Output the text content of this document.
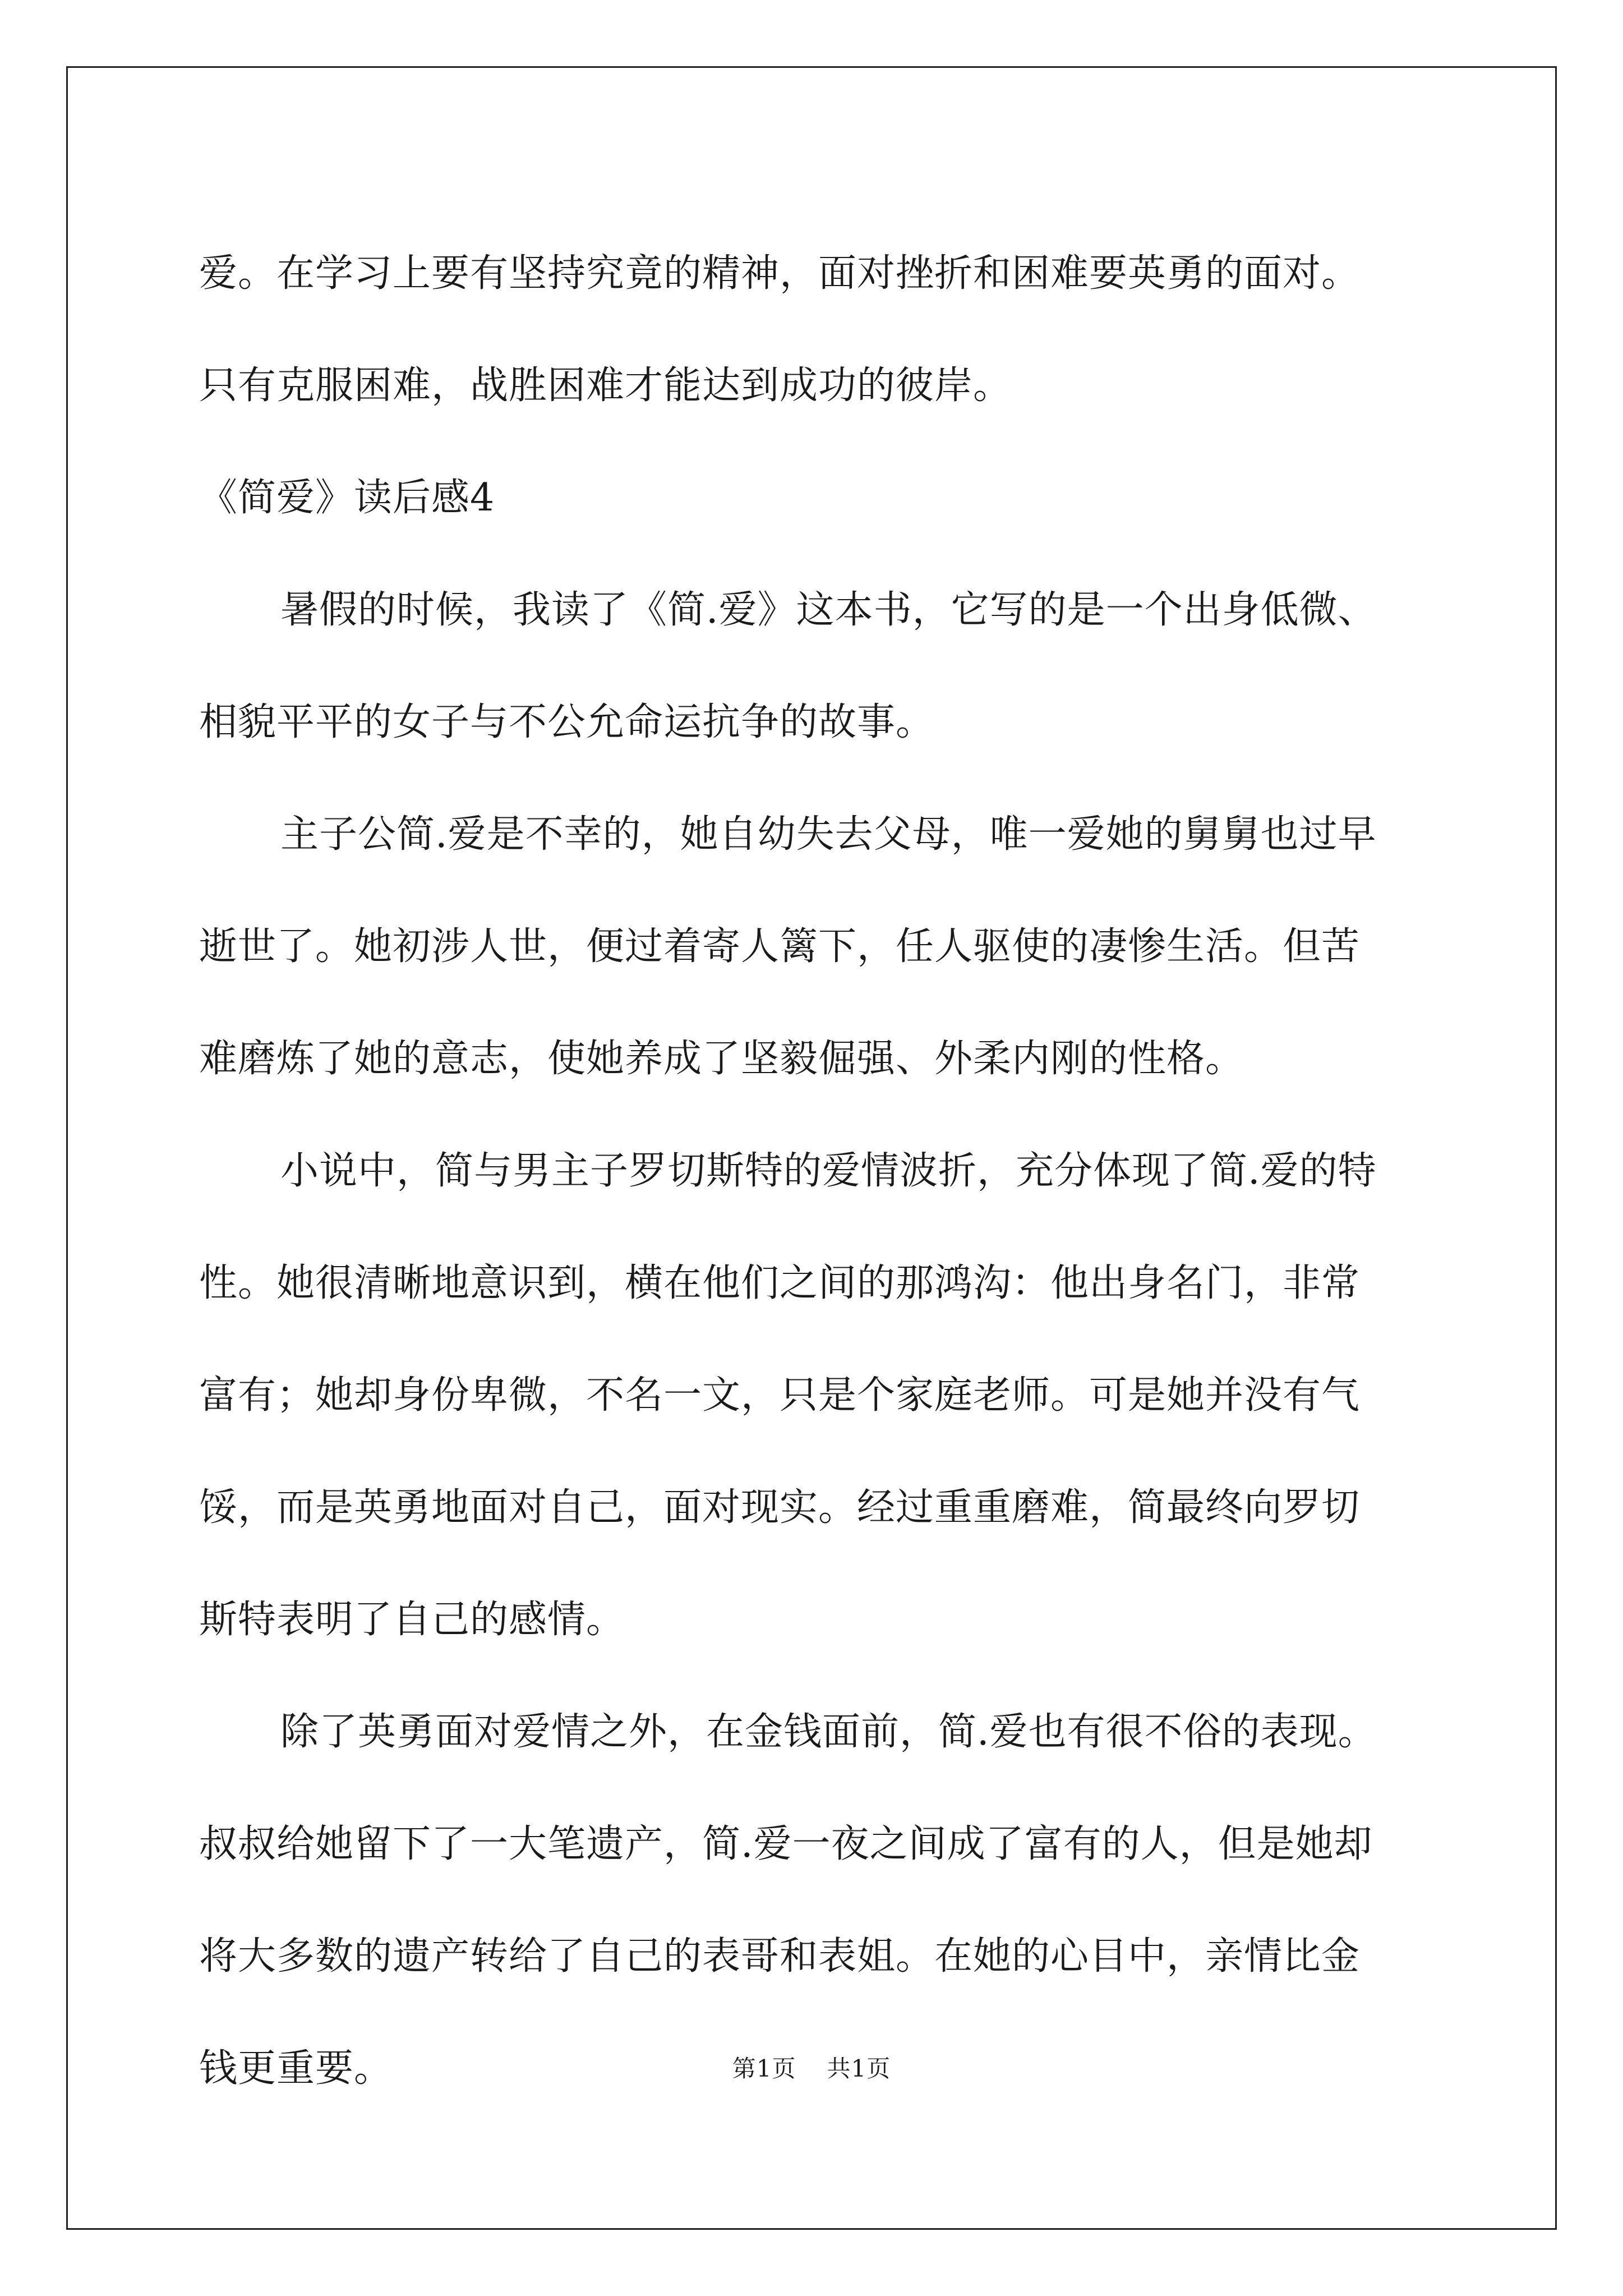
爱。在学习上要有坚持究竟的精神，面对挫折和困难要英勇的面对。
只有克服困难，战胜困难才能达到成功的彼岸。
《简爱》读后感4
暑假的时候，我读了《简.爱》这本书，它写的是一个出身低微、
相貌平平的女子与不公允命运抗争的故事。
主子公简.爱是不幸的，她自幼失去父母，唯一爱她的舅舅也过早
逝世了。她初涉人世，便过着寄人篱下，任人驱使的凄惨生活。但苦
难磨炼了她的意志，使她养成了坚毅倔强、外柔内刚的性格。
小说中，简与男主子罗切斯特的爱情波折，充分体现了简.爱的特
性。她很清晰地意识到，横在他们之间的那鸿沟：他出身名门，非常
富有；她却身份卑微，不名一文，只是个家庭老师。可是她并没有气
馁，而是英勇地面对自己，面对现实。经过重重磨难，简最终向罗切
斯特表明了自己的感情。
除了英勇面对爱情之外，在金钱面前，简.爱也有很不俗的表现。
叔叔给她留下了一大笔遗产，简.爱一夜之间成了富有的人，但是她却
将大多数的遗产转给了自己的表哥和表姐。在她的心目中，亲情比金
钱更重要。	第1页 共1页
